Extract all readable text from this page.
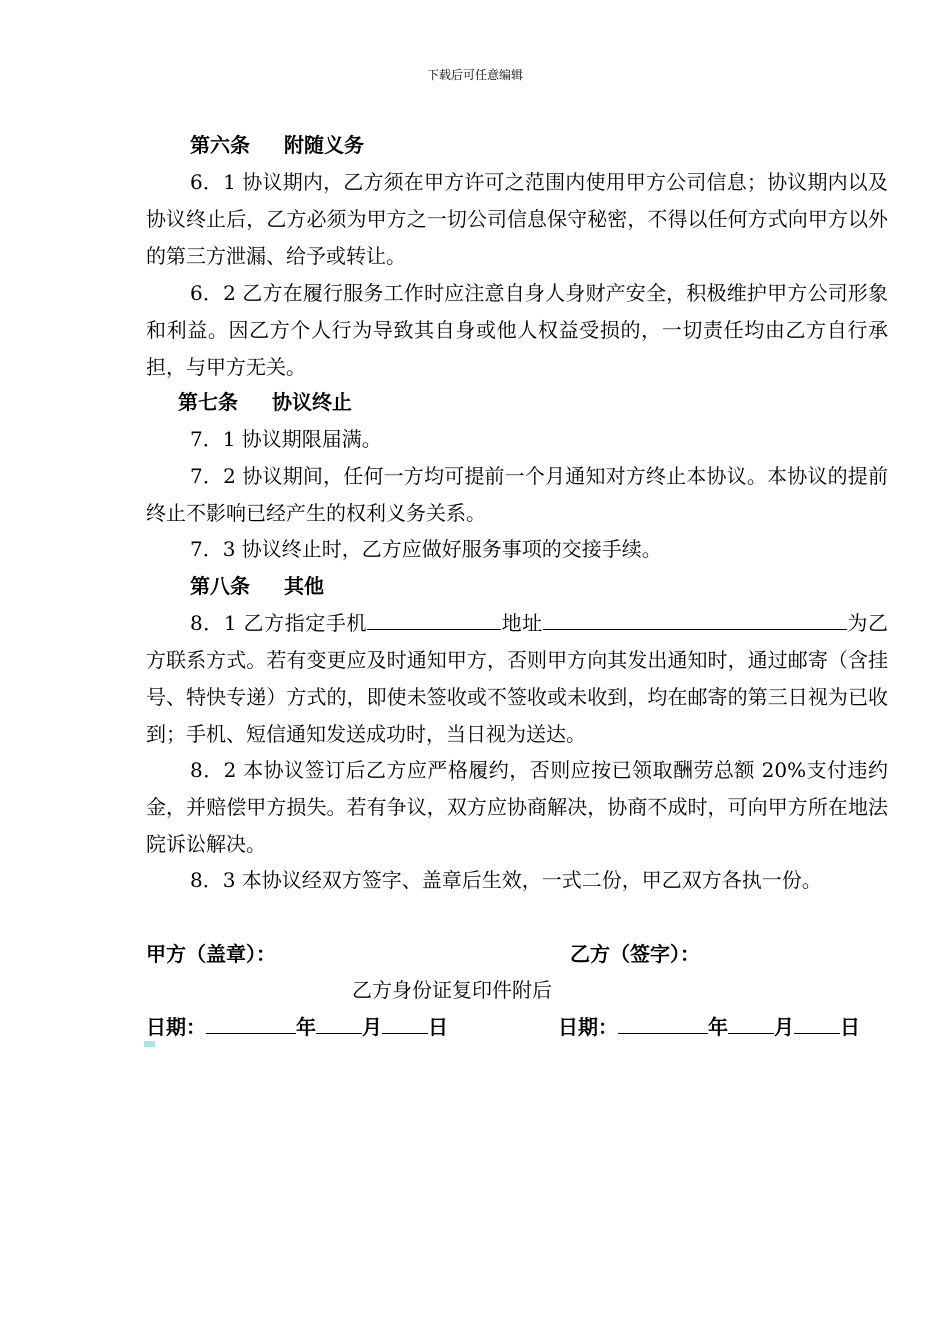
下载后可任意编辑
第六条 附随义务
6．1 协议期内，乙方须在甲方许可之范围内使用甲方公司信息；协议期内以及协议终止后，乙方必须为甲方之一切公司信息保守秘密，不得以任何方式向甲方以外的第三方泄漏、给予或转让。
6．2 乙方在履行服务工作时应注意自身人身财产安全，积极维护甲方公司形象和利益。因乙方个人行为导致其自身或他人权益受损的，一切责任均由乙方自行承担，与甲方无关。
第七条 协议终止
7．1 协议期限届满。
7．2 协议期间，任何一方均可提前一个月通知对方终止本协议。本协议的提前终止不影响已经产生的权利义务关系。
7．3 协议终止时，乙方应做好服务事项的交接手续。
第八条 其他
8．1 乙方指定手机	地址	为乙方联系方式。若有变更应及时通知甲方，否则甲方向其发出通知时，通过邮寄（含挂号、特快专递）方式的，即使未签收或不签收或未收到，均在邮寄的第三日视为已收到；手机、短信通知发送成功时，当日视为送达。
8．2 本协议签订后乙方应严格履约，否则应按已领取酬劳总额 20%支付违约金，并赔偿甲方损失。若有争议，双方应协商解决，协商不成时，可向甲方所在地法院诉讼解决。
8．3 本协议经双方签字、盖章后生效，一式二份，甲乙双方各执一份。
甲方（盖章）：	乙方（签字）：
乙方身份证复印件附后
日期：	年 月 日	日期：	年 月 日
